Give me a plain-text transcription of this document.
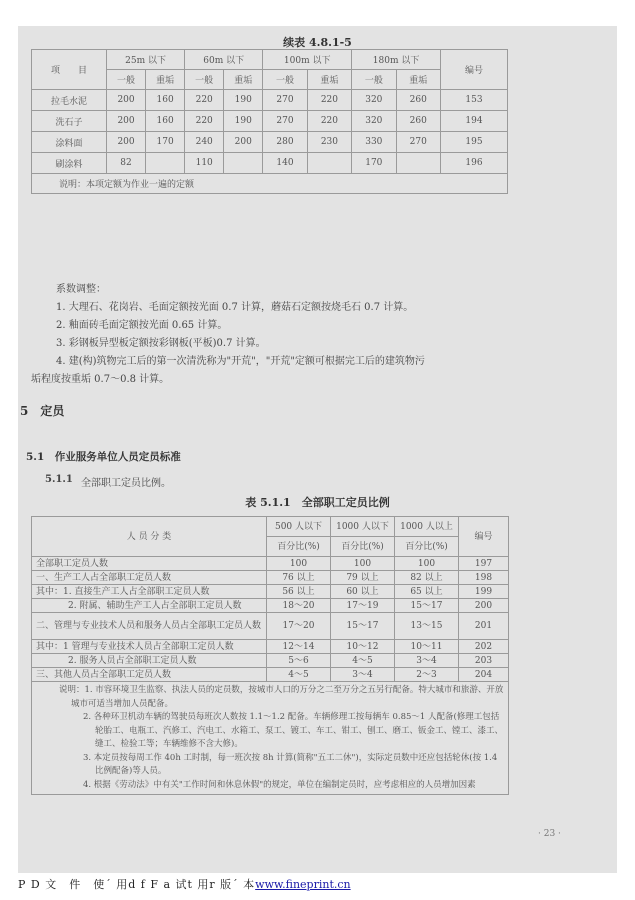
续表 4.8.1-5
项　　目	25m 以下		60m 以下		100m 以下		180m 以下		编号
	一般	重垢	一般	重垢	一般	重垢	一般	重垢	
拉毛水泥	200	160	220	190	270	220	320	260	153
洗石子	200	160	220	190	270	220	320	260	194
涂料面	200	170	240	200	280	230	330	270	195
刷涂料	82		110		140		170		196
说明：本项定额为作业一遍的定额									
系数调整：
1. 大理石、花岗岩、毛面定额按光面 0.7 计算，蘑菇石定额按烧毛石 0.7 计算。
2. 釉面砖毛面定额按光面 0.65 计算。
3. 彩钢板异型板定额按彩钢板(平板)0.7 计算。
4. 建(构)筑物完工后的第一次清洗称为"开荒"，"开荒"定额可根据完工后的建筑物污
垢程度按重垢 0.7～0.8 计算。
5　定员
5.1　作业服务单位人员定员标准
5.1.1 全部职工定员比例。
表 5.1.1　全部职工定员比例
人 员 分 类	500 人以下	1000 人以下	1000 人以上	编号
	百分比(%)	百分比(%)	百分比(%)	
全部职工定员人数	100	100	100	197
一、生产工人占全部职工定员人数	76 以上	79 以上	82 以上	198
其中：1. 直接生产工人占全部职工定员人数	56 以上	60 以上	65 以上	199
2. 附属、辅助生产工人占全部职工定员人数	18～20	17～19	15～17	200
二、管理与专业技术人员和服务人员占全部职工定员人数	17～20	15～17	13～15	201
其中：1 管理与专业技术人员占全部职工定员人数	12～14	10～12	10～11	202
2. 服务人员占全部职工定员人数	5～6	4～5	3～4	203
三、其他人员占全部职工定员人数	4～5	3～4	2～3	204

说明：1. 市容环境卫生监察、执法人员的定员数，按城市人口的万分之二至万分之五另行配备。特大城市和旅游、开放城市可适当增加人员配备。
2. 各种环卫机动车辆的驾驶员每班次人数按 1.1～1.2 配备。车辆修理工按每辆车 0.85～1 人配备(修理工包括轮胎工、电瓶工、汽修工、汽电工、水箱工、泵工、镀工、车工、钳工、刨工、磨工、钣金工、镗工、漆工、缝工、检验工等；车辆维修不含大修)。
3. 本定员按每周工作 40h 工时制，每一班次按 8h 计算(简称"五工二休")，实际定员数中还应包括轮休(按 1.4 比例配备)等人员。
4. 根据《劳动法》中有关"工作时间和休息休假"的规定，单位在编制定员时，应考虑相应的人员增加因素				
· 23 ·
P D 文　件　使ˊ 用d f F a 试t 用r 版ˊ 本www.fineprint.cn
